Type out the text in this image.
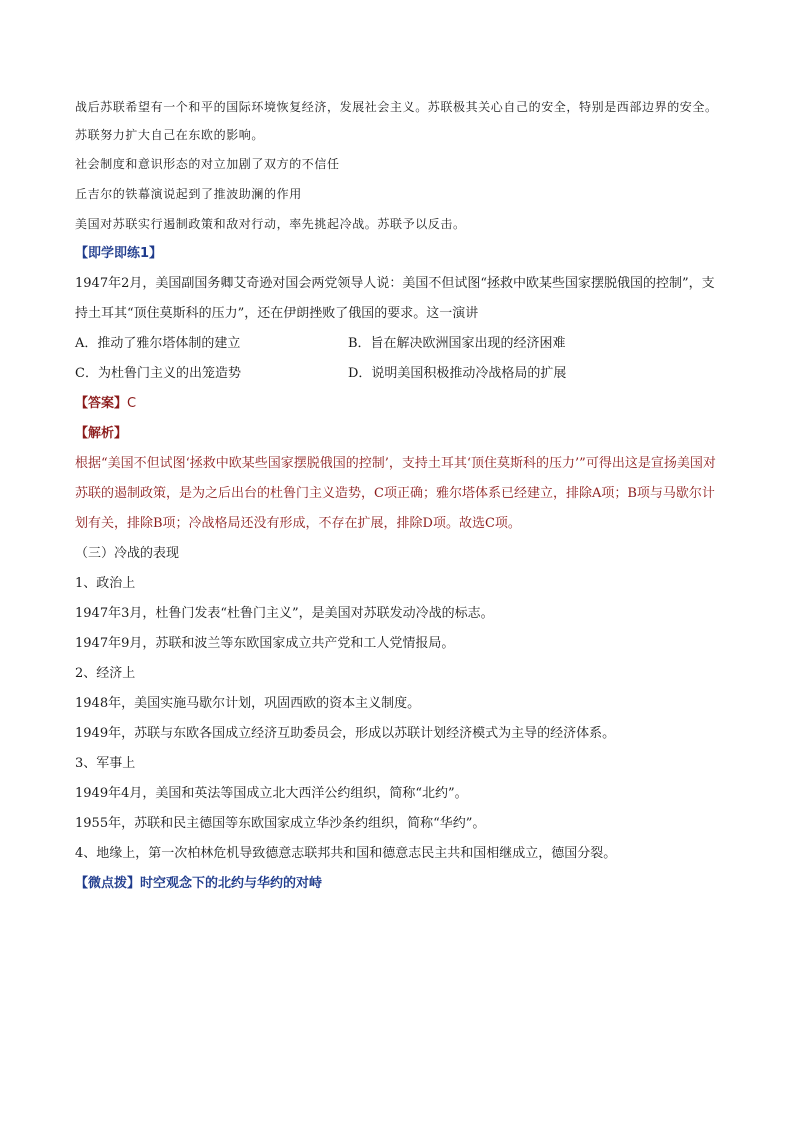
战后苏联希望有一个和平的国际环境恢复经济，发展社会主义。苏联极其关心自己的安全，特别是西部边界的安全。苏联努力扩大自己在东欧的影响。

社会制度和意识形态的对立加剧了双方的不信任

丘吉尔的铁幕演说起到了推波助澜的作用

美国对苏联实行遏制政策和敌对行动，率先挑起冷战。苏联予以反击。

【即学即练1】

1947年2月，美国副国务卿艾奇逊对国会两党领导人说：美国不但试图“拯救中欧某些国家摆脱俄国的控制”，支持土耳其“顶住莫斯科的压力”，还在伊朗挫败了俄国的要求。这一演讲

A．推动了雅尔塔体制的建立	B．旨在解决欧洲国家出现的经济困难
C．为杜鲁门主义的出笼造势	D．说明美国积极推动冷战格局的扩展

【答案】C

【解析】

根据“美国不但试图‘拯救中欧某些国家摆脱俄国的控制’，支持土耳其‘顶住莫斯科的压力’”可得出这是宣扬美国对苏联的遏制政策，是为之后出台的杜鲁门主义造势，C项正确；雅尔塔体系已经建立，排除A项；B项与马歇尔计划有关，排除B项；冷战格局还没有形成，不存在扩展，排除D项。故选C项。

（三）冷战的表现

1、政治上

1947年3月，杜鲁门发表“杜鲁门主义”，是美国对苏联发动冷战的标志。

1947年9月，苏联和波兰等东欧国家成立共产党和工人党情报局。

2、经济上

1948年，美国实施马歇尔计划，巩固西欧的资本主义制度。

1949年，苏联与东欧各国成立经济互助委员会，形成以苏联计划经济模式为主导的经济体系。

3、军事上

1949年4月，美国和英法等国成立北大西洋公约组织，简称“北约”。

1955年，苏联和民主德国等东欧国家成立华沙条约组织，简称“华约”。

4、地缘上，第一次柏林危机导致德意志联邦共和国和德意志民主共和国相继成立，德国分裂。

【微点拨】时空观念下的北约与华约的对峙
